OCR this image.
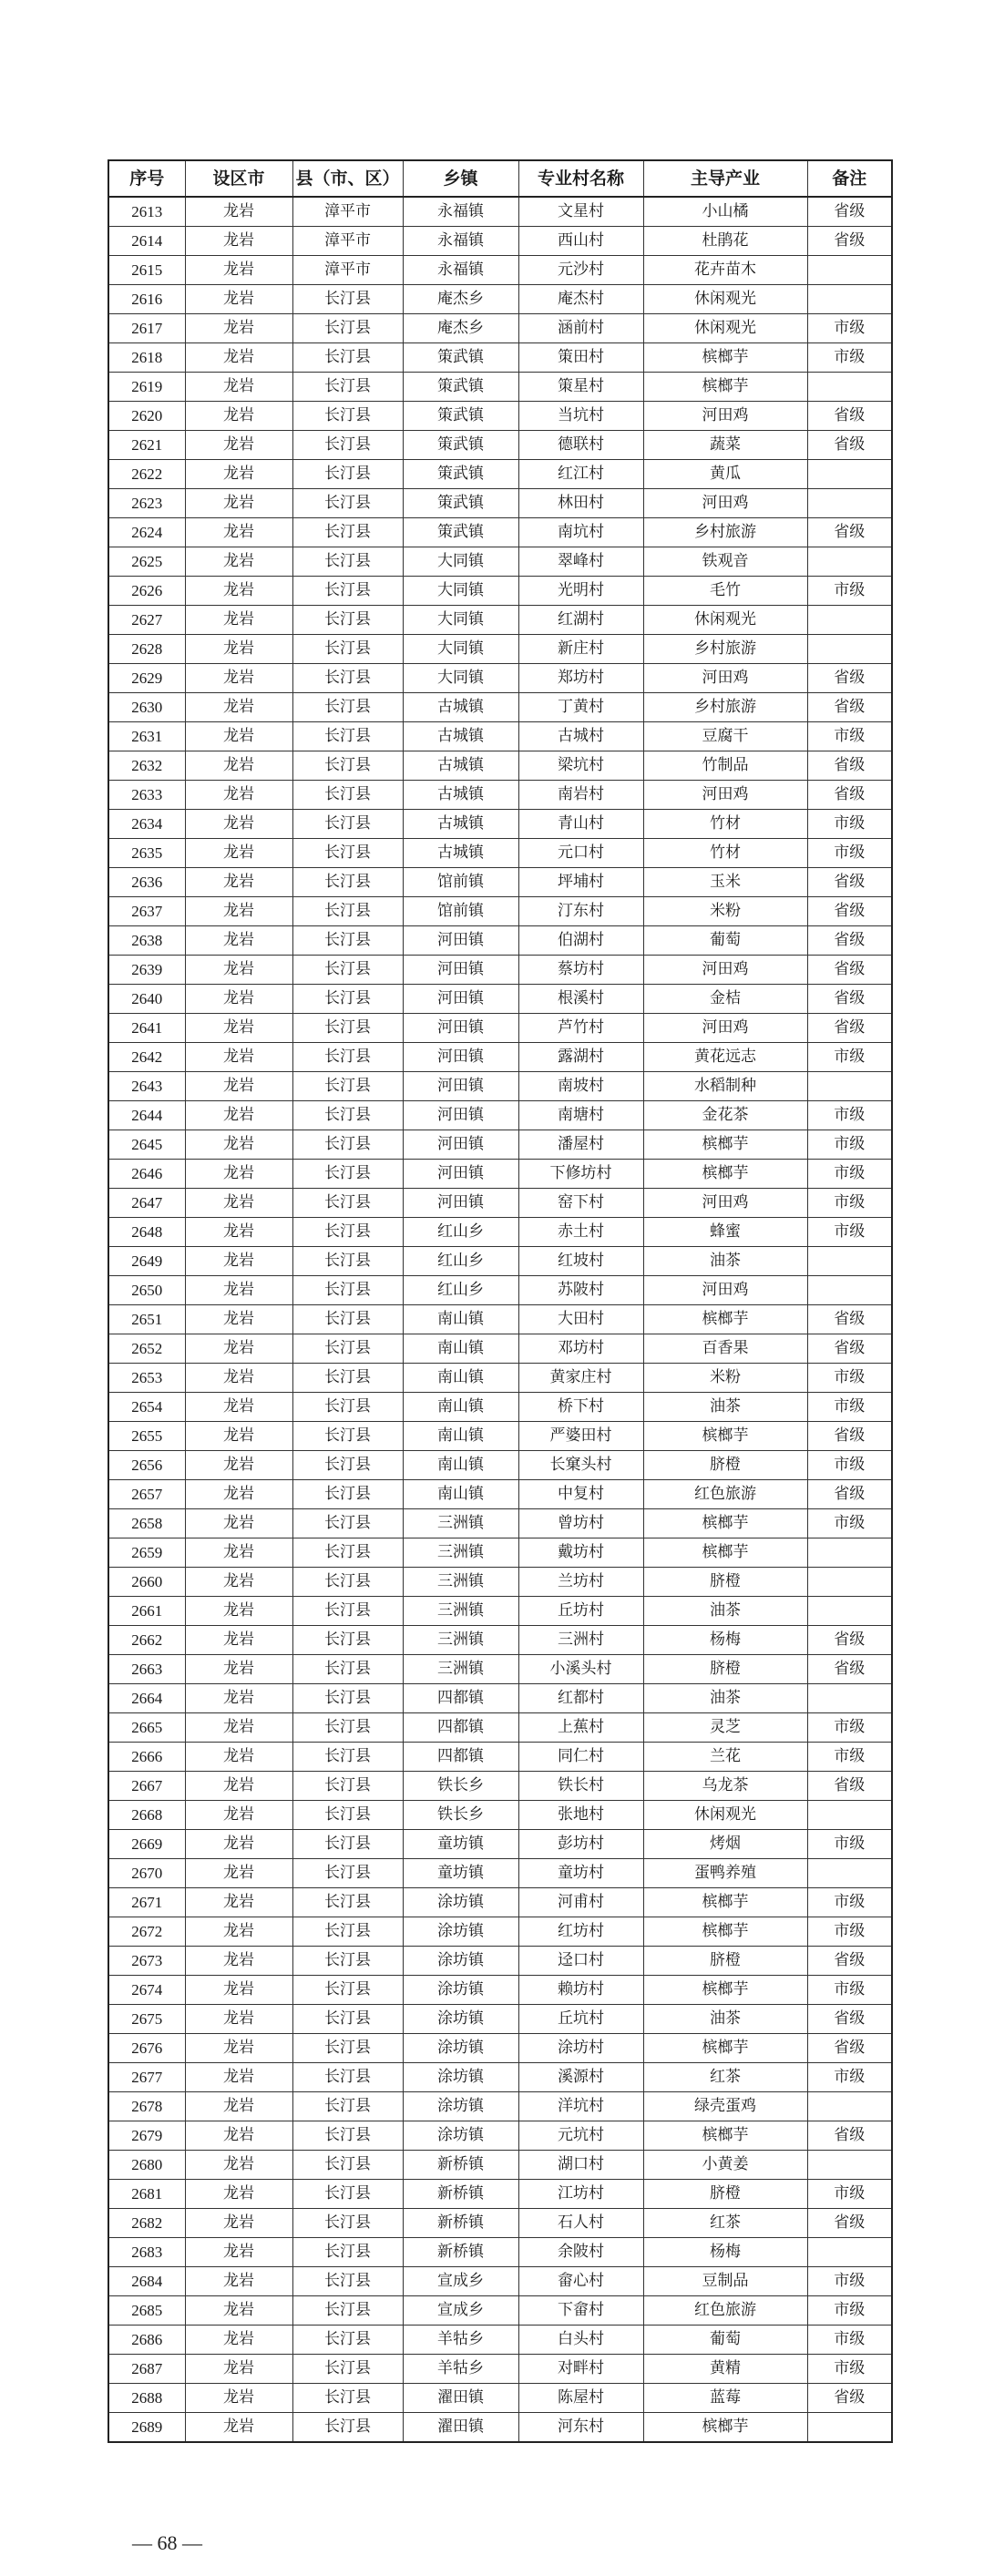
序号	设区市	县（市、区）	乡镇	专业村名称	主导产业	备注
2613	龙岩	漳平市	永福镇	文星村	小山橘	省级
2614	龙岩	漳平市	永福镇	西山村	杜鹃花	省级
2615	龙岩	漳平市	永福镇	元沙村	花卉苗木	
2616	龙岩	长汀县	庵杰乡	庵杰村	休闲观光	
2617	龙岩	长汀县	庵杰乡	涵前村	休闲观光	市级
2618	龙岩	长汀县	策武镇	策田村	槟榔芋	市级
2619	龙岩	长汀县	策武镇	策星村	槟榔芋	
2620	龙岩	长汀县	策武镇	当坑村	河田鸡	省级
2621	龙岩	长汀县	策武镇	德联村	蔬菜	省级
2622	龙岩	长汀县	策武镇	红江村	黄瓜	
2623	龙岩	长汀县	策武镇	林田村	河田鸡	
2624	龙岩	长汀县	策武镇	南坑村	乡村旅游	省级
2625	龙岩	长汀县	大同镇	翠峰村	铁观音	
2626	龙岩	长汀县	大同镇	光明村	毛竹	市级
2627	龙岩	长汀县	大同镇	红湖村	休闲观光	
2628	龙岩	长汀县	大同镇	新庄村	乡村旅游	
2629	龙岩	长汀县	大同镇	郑坊村	河田鸡	省级
2630	龙岩	长汀县	古城镇	丁黄村	乡村旅游	省级
2631	龙岩	长汀县	古城镇	古城村	豆腐干	市级
2632	龙岩	长汀县	古城镇	梁坑村	竹制品	省级
2633	龙岩	长汀县	古城镇	南岩村	河田鸡	省级
2634	龙岩	长汀县	古城镇	青山村	竹材	市级
2635	龙岩	长汀县	古城镇	元口村	竹材	市级
2636	龙岩	长汀县	馆前镇	坪埔村	玉米	省级
2637	龙岩	长汀县	馆前镇	汀东村	米粉	省级
2638	龙岩	长汀县	河田镇	伯湖村	葡萄	省级
2639	龙岩	长汀县	河田镇	蔡坊村	河田鸡	省级
2640	龙岩	长汀县	河田镇	根溪村	金桔	省级
2641	龙岩	长汀县	河田镇	芦竹村	河田鸡	省级
2642	龙岩	长汀县	河田镇	露湖村	黄花远志	市级
2643	龙岩	长汀县	河田镇	南坡村	水稻制种	
2644	龙岩	长汀县	河田镇	南塘村	金花茶	市级
2645	龙岩	长汀县	河田镇	潘屋村	槟榔芋	市级
2646	龙岩	长汀县	河田镇	下修坊村	槟榔芋	市级
2647	龙岩	长汀县	河田镇	窑下村	河田鸡	市级
2648	龙岩	长汀县	红山乡	赤土村	蜂蜜	市级
2649	龙岩	长汀县	红山乡	红坡村	油茶	
2650	龙岩	长汀县	红山乡	苏陂村	河田鸡	
2651	龙岩	长汀县	南山镇	大田村	槟榔芋	省级
2652	龙岩	长汀县	南山镇	邓坊村	百香果	省级
2653	龙岩	长汀县	南山镇	黄家庄村	米粉	市级
2654	龙岩	长汀县	南山镇	桥下村	油茶	市级
2655	龙岩	长汀县	南山镇	严婆田村	槟榔芋	省级
2656	龙岩	长汀县	南山镇	长窠头村	脐橙	市级
2657	龙岩	长汀县	南山镇	中复村	红色旅游	省级
2658	龙岩	长汀县	三洲镇	曾坊村	槟榔芋	市级
2659	龙岩	长汀县	三洲镇	戴坊村	槟榔芋	
2660	龙岩	长汀县	三洲镇	兰坊村	脐橙	
2661	龙岩	长汀县	三洲镇	丘坊村	油茶	
2662	龙岩	长汀县	三洲镇	三洲村	杨梅	省级
2663	龙岩	长汀县	三洲镇	小溪头村	脐橙	省级
2664	龙岩	长汀县	四都镇	红都村	油茶	
2665	龙岩	长汀县	四都镇	上蕉村	灵芝	市级
2666	龙岩	长汀县	四都镇	同仁村	兰花	市级
2667	龙岩	长汀县	铁长乡	铁长村	乌龙茶	省级
2668	龙岩	长汀县	铁长乡	张地村	休闲观光	
2669	龙岩	长汀县	童坊镇	彭坊村	烤烟	市级
2670	龙岩	长汀县	童坊镇	童坊村	蛋鸭养殖	
2671	龙岩	长汀县	涂坊镇	河甫村	槟榔芋	市级
2672	龙岩	长汀县	涂坊镇	红坊村	槟榔芋	市级
2673	龙岩	长汀县	涂坊镇	迳口村	脐橙	省级
2674	龙岩	长汀县	涂坊镇	赖坊村	槟榔芋	市级
2675	龙岩	长汀县	涂坊镇	丘坑村	油茶	省级
2676	龙岩	长汀县	涂坊镇	涂坊村	槟榔芋	省级
2677	龙岩	长汀县	涂坊镇	溪源村	红茶	市级
2678	龙岩	长汀县	涂坊镇	洋坑村	绿壳蛋鸡	
2679	龙岩	长汀县	涂坊镇	元坑村	槟榔芋	省级
2680	龙岩	长汀县	新桥镇	湖口村	小黄姜	
2681	龙岩	长汀县	新桥镇	江坊村	脐橙	市级
2682	龙岩	长汀县	新桥镇	石人村	红茶	省级
2683	龙岩	长汀县	新桥镇	余陂村	杨梅	
2684	龙岩	长汀县	宣成乡	畲心村	豆制品	市级
2685	龙岩	长汀县	宣成乡	下畲村	红色旅游	市级
2686	龙岩	长汀县	羊牯乡	白头村	葡萄	市级
2687	龙岩	长汀县	羊牯乡	对畔村	黄精	市级
2688	龙岩	长汀县	濯田镇	陈屋村	蓝莓	省级
2689	龙岩	长汀县	濯田镇	河东村	槟榔芋	
— 68 —
